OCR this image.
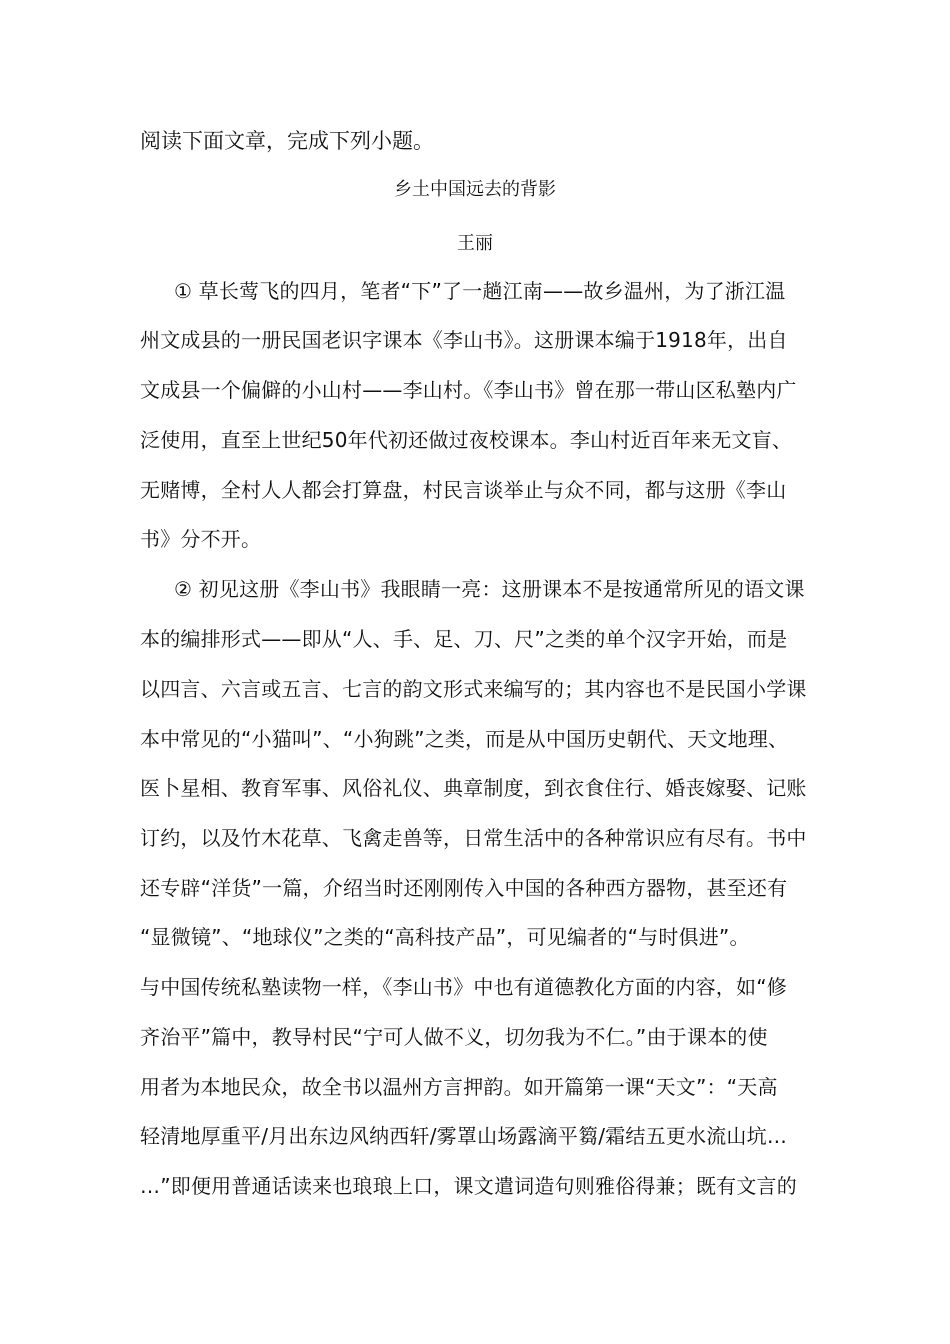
阅读下面文章，完成下列小题。
乡土中国远去的背影
王丽
① 草长莺飞的四月，笔者“下”了一趟江南——故乡温州，为了浙江温
州文成县的一册民国老识字课本《李山书》。这册课本编于1918年，出自
文成县一个偏僻的小山村——李山村。《李山书》曾在那一带山区私塾内广
泛使用，直至上世纪50年代初还做过夜校课本。李山村近百年来无文盲、
无赌博，全村人人都会打算盘，村民言谈举止与众不同，都与这册《李山
书》分不开。
② 初见这册《李山书》我眼睛一亮：这册课本不是按通常所见的语文课
本的编排形式——即从“人、手、足、刀、尺”之类的单个汉字开始，而是
以四言、六言或五言、七言的韵文形式来编写的；其内容也不是民国小学课
本中常见的“小猫叫”、“小狗跳”之类，而是从中国历史朝代、天文地理、
医卜星相、教育军事、风俗礼仪、典章制度，到衣食住行、婚丧嫁娶、记账
订约，以及竹木花草、飞禽走兽等，日常生活中的各种常识应有尽有。书中
还专辟“洋货”一篇，介绍当时还刚刚传入中国的各种西方器物，甚至还有
“显微镜”、“地球仪”之类的“高科技产品”，可见编者的“与时俱进”。
与中国传统私塾读物一样，《李山书》中也有道德教化方面的内容，如“修
齐治平”篇中，教导村民“宁可人做不义，切勿我为不仁。”由于课本的使
用者为本地民众，故全书以温州方言押韵。如开篇第一课“天文”：“天高
轻清地厚重平/月出东边风纳西轩/雾罩山场露滴平篘/霜结五更水流山坑…
…”即便用普通话读来也琅琅上口，课文遣词造句则雅俗得兼；既有文言的
